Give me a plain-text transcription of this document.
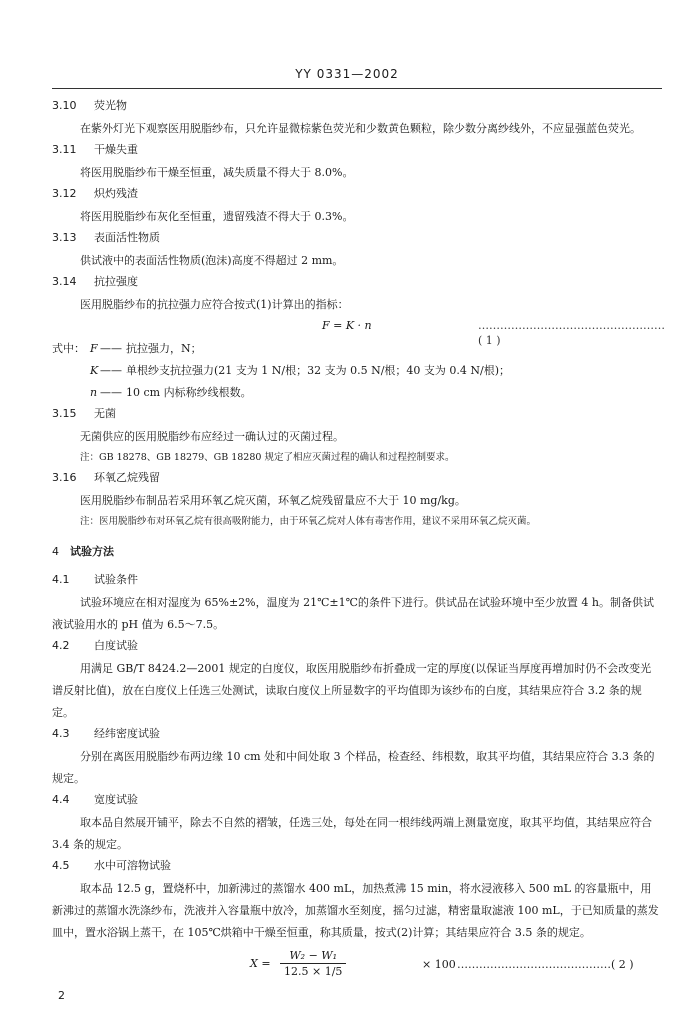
YY 0331—2002
3.10 荧光物

在紫外灯光下观察医用脱脂纱布，只允许显微棕紫色荧光和少数黄色颗粒，除少数分离纱线外，不应显强蓝色荧光。

3.11 干燥失重

将医用脱脂纱布干燥至恒重，减失质量不得大于 8.0%。

3.12 炽灼残渣

将医用脱脂纱布灰化至恒重，遗留残渣不得大于 0.3%。

3.13 表面活性物质

供试液中的表面活性物质(泡沫)高度不得超过 2 mm。

3.14 抗拉强度

医用脱脂纱布的抗拉强力应符合按式(1)计算出的指标：

F = K · n	……………………………………………( 1 )
式中： F —— 抗拉强力，N；
K —— 单根纱支抗拉强力(21 支为 1 N/根；32 支为 0.5 N/根；40 支为 0.4 N/根)；
n —— 10 cm 内标称纱线根数。
3.15 无菌

无菌供应的医用脱脂纱布应经过一确认过的灭菌过程。

注：GB 18278、GB 18279、GB 18280 规定了相应灭菌过程的确认和过程控制要求。

3.16 环氧乙烷残留

医用脱脂纱布制品若采用环氧乙烷灭菌，环氧乙烷残留量应不大于 10 mg/kg。

注：医用脱脂纱布对环氧乙烷有很高吸附能力，由于环氧乙烷对人体有毒害作用，建议不采用环氧乙烷灭菌。

4 试验方法
4.1 试验条件

试验环境应在相对湿度为 65%±2%，温度为 21℃±1℃的条件下进行。供试品在试验环境中至少放置 4 h。制备供试液试验用水的 pH 值为 6.5～7.5。

4.2 白度试验

用满足 GB/T 8424.2—2001 规定的白度仪，取医用脱脂纱布折叠成一定的厚度(以保证当厚度再增加时仍不会改变光谱反射比值)，放在白度仪上任选三处测试，读取白度仪上所显数字的平均值即为该纱布的白度，其结果应符合 3.2 条的规定。

4.3 经纬密度试验

分别在离医用脱脂纱布两边缘 10 cm 处和中间处取 3 个样品，检查经、纬根数，取其平均值，其结果应符合 3.3 条的规定。

4.4 宽度试验

取本品自然展开铺平，除去不自然的褶皱，任选三处，每处在同一根纬线两端上测量宽度，取其平均值，其结果应符合 3.4 条的规定。

4.5 水中可溶物试验

取本品 12.5 g，置烧杯中，加新沸过的蒸馏水 400 mL，加热煮沸 15 min，将水浸液移入 500 mL 的容量瓶中，用新沸过的蒸馏水洗涤纱布，洗液并入容量瓶中放冷，加蒸馏水至刻度，摇匀过滤，精密量取滤液 100 mL，于已知质量的蒸发皿中，置水浴锅上蒸干，在 105℃烘箱中干燥至恒重，称其质量，按式(2)计算；其结果应符合 3.5 条的规定。

X =
W₂ − W₁
12.5 × 1/5
× 100 ……………………………………( 2 )
2
